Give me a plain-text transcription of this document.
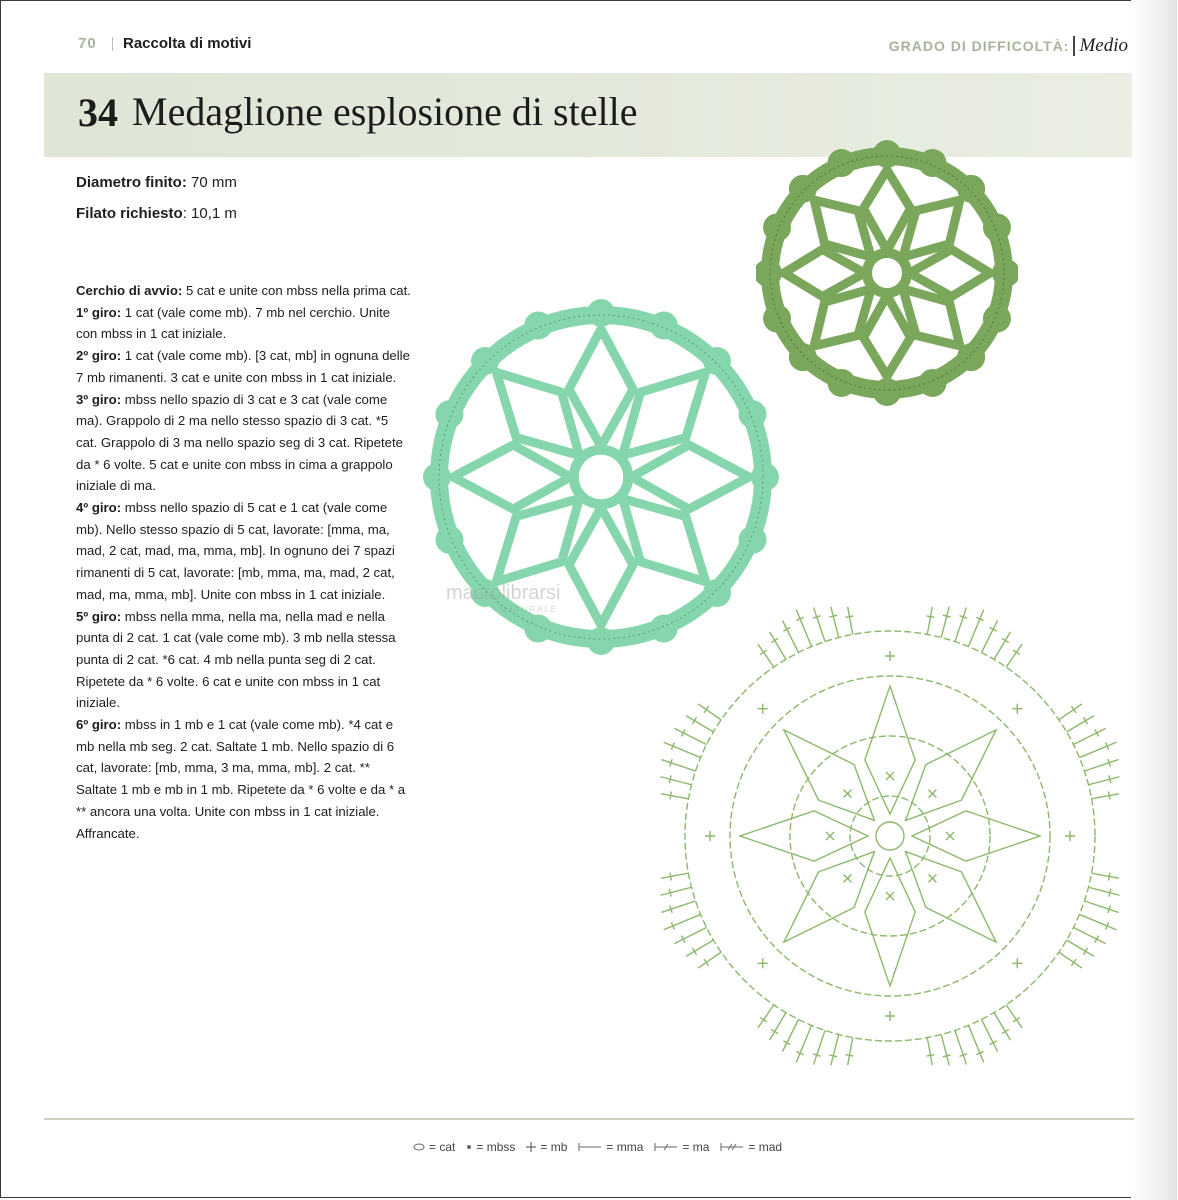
70 Raccolta di motivi	GRADO DI DIFFICOLTÀ: Medio
34 Medaglione esplosione di stelle
Diametro finito: 70 mm
Filato richiesto: 10,1 m

Cerchio di avvio: 5 cat e unite con mbss nella prima cat.

1º giro: 1 cat (vale come mb). 7 mb nel cerchio. Unite con mbss in 1 cat iniziale.

2º giro: 1 cat (vale come mb). [3 cat, mb] in ognuna delle 7 mb rimanenti. 3 cat e unite con mbss in 1 cat iniziale.

3º giro: mbss nello spazio di 3 cat e 3 cat (vale come ma). Grappolo di 2 ma nello stesso spazio di 3 cat. *5 cat. Grappolo di 3 ma nello spazio seg di 3 cat. Ripetete da * 6 volte. 5 cat e unite con mbss in cima a grappolo iniziale di ma.

4º giro: mbss nello spazio di 5 cat e 1 cat (vale come mb). Nello stesso spazio di 5 cat, lavorate: [mma, ma, mad, 2 cat, mad, ma, mma, mb]. In ognuno dei 7 spazi rimanenti di 5 cat, lavorate: [mb, mma, ma, mad, 2 cat, mad, ma, mma, mb]. Unite con mbss in 1 cat iniziale.

5º giro: mbss nella mma, nella ma, nella mad e nella punta di 2 cat. 1 cat (vale come mb). 3 mb nella stessa punta di 2 cat. *6 cat. 4 mb nella punta seg di 2 cat. Ripetete da * 6 volte. 6 cat e unite con mbss in 1 cat iniziale.

6º giro: mbss in 1 mb e 1 cat (vale come mb). *4 cat e mb nella mb seg. 2 cat. Saltate 1 mb. Nello spazio di 6 cat, lavorate: [mb, mma, 3 ma, mma, mb]. 2 cat. ** Saltate 1 mb e mb in 1 mb. Ripetete da * 6 volte e da * a ** ancora una volta. Unite con mbss in 1 cat iniziale. Affrancate.

macrolibrarsi
NATURALE
= cat = mbss = mb	= mma	= ma	= mad
